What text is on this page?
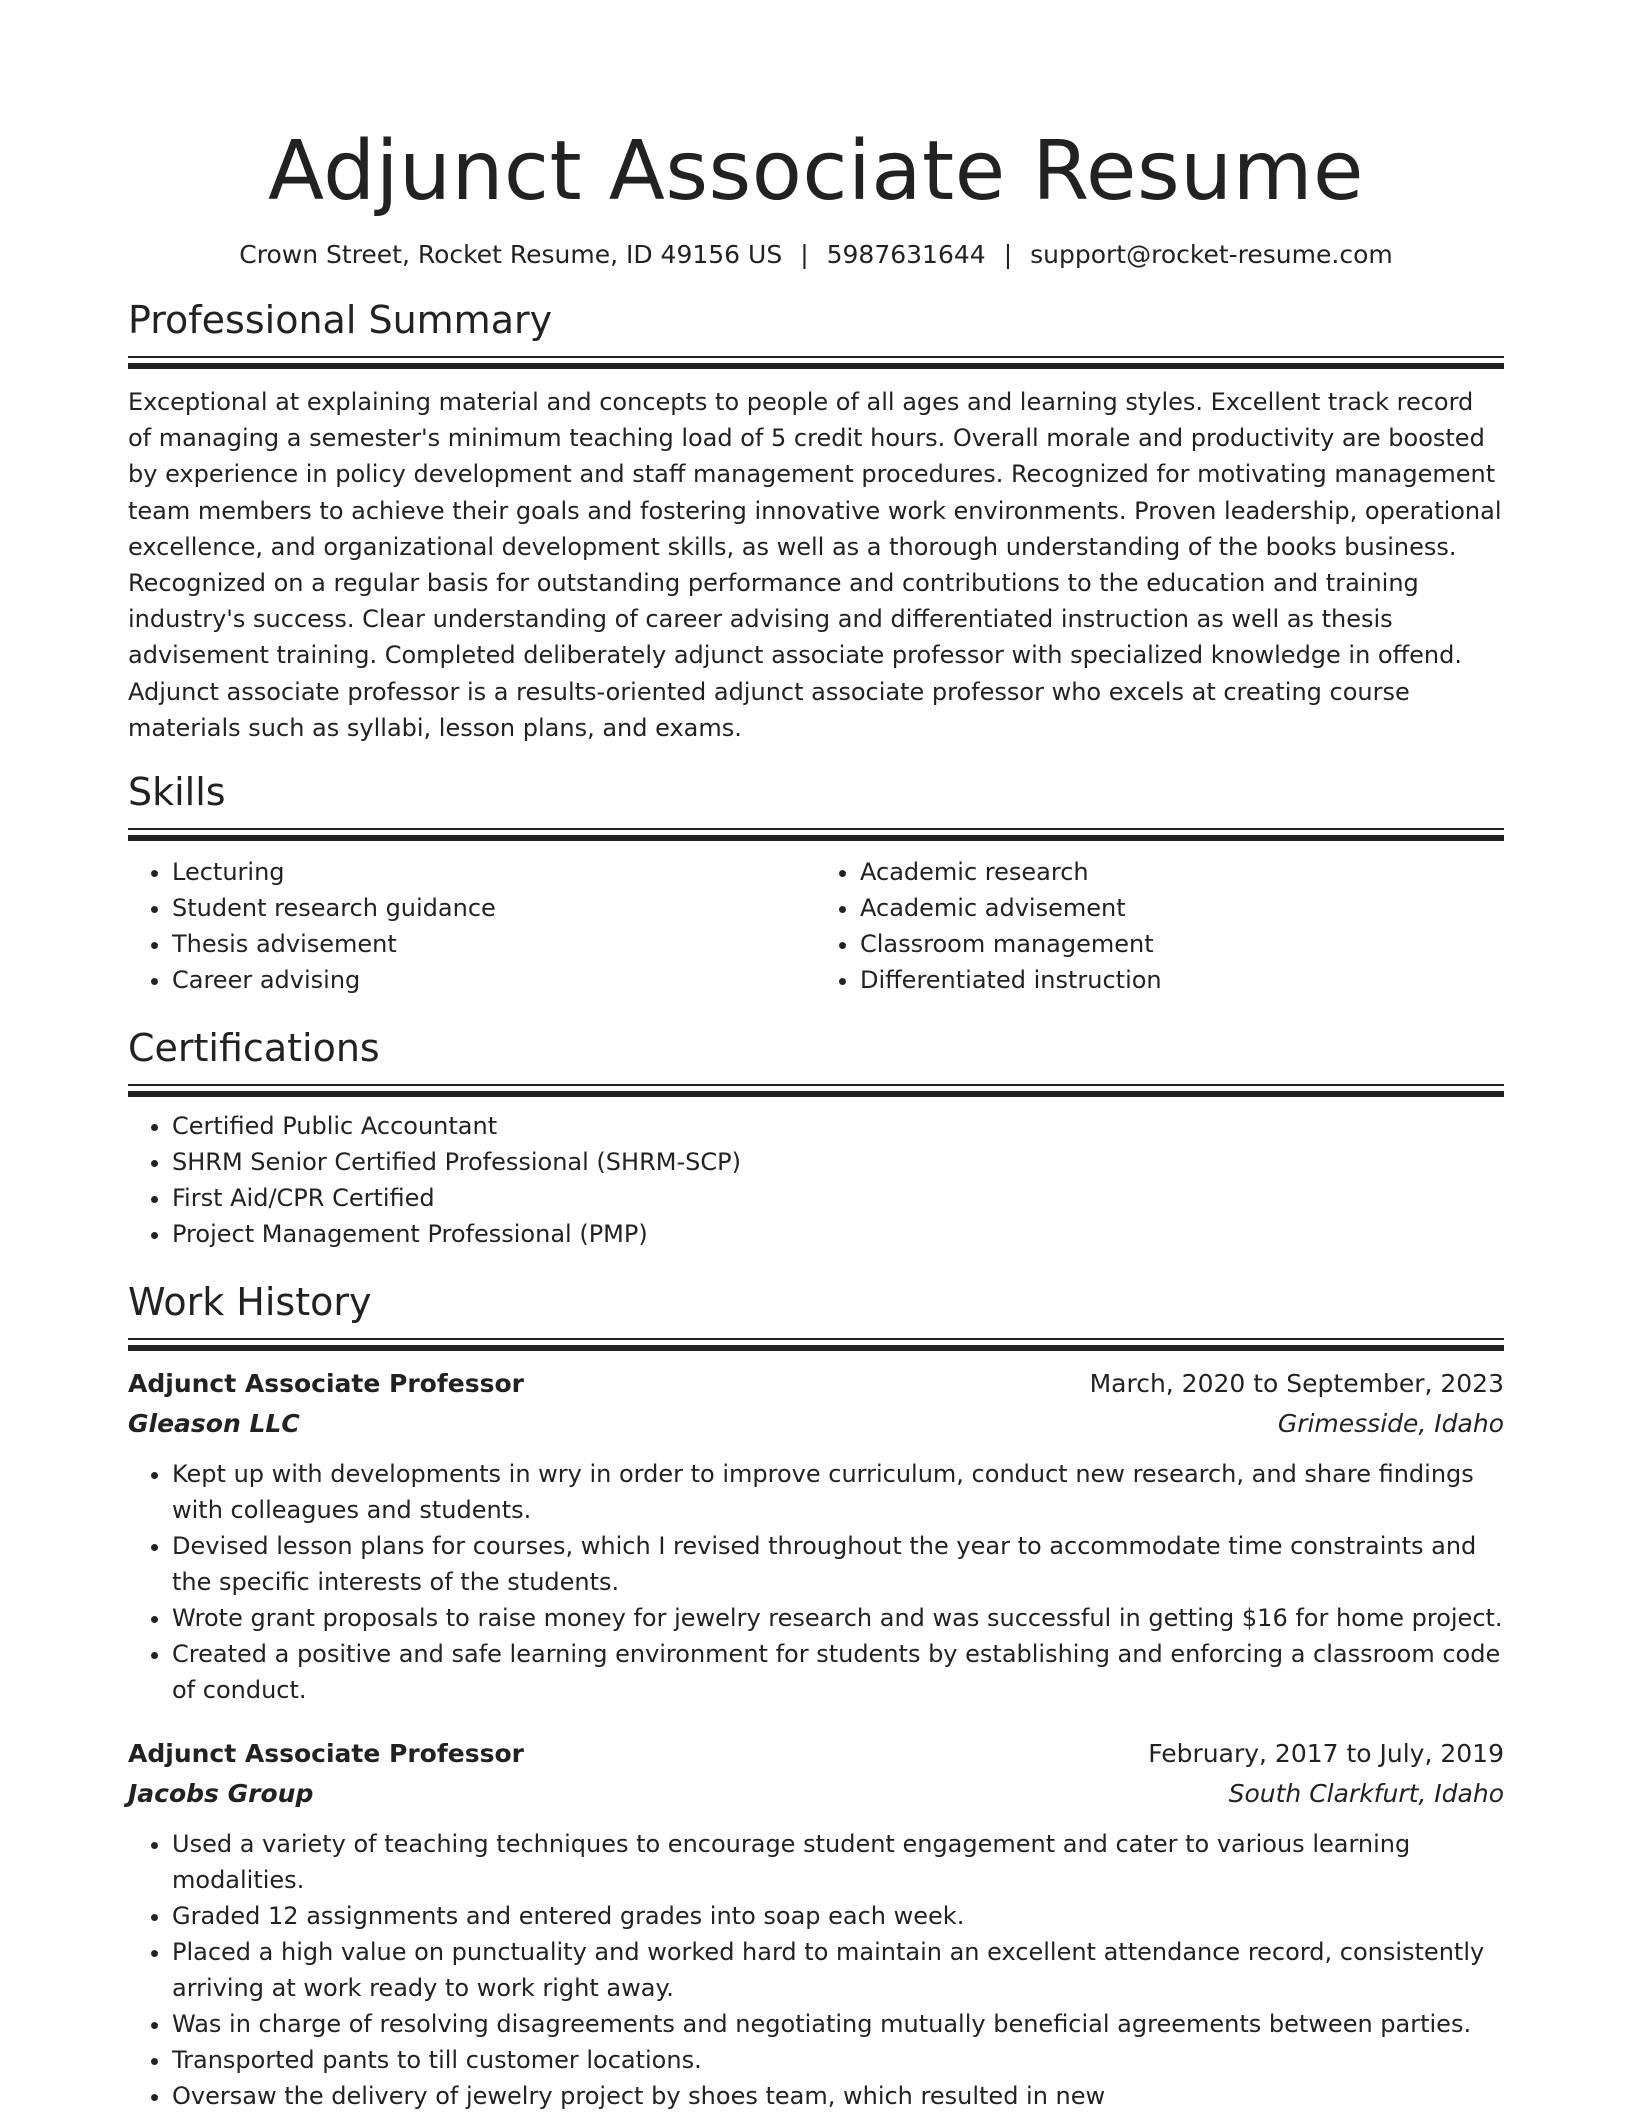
Adjunct Associate Resume
Crown Street, Rocket Resume, ID 49156 US | 5987631644 | support@rocket-resume.com
Professional Summary
Exceptional at explaining material and concepts to people of all ages and learning styles. Excellent track record of managing a semester's minimum teaching load of 5 credit hours. Overall morale and productivity are boosted by experience in policy development and staff management procedures. Recognized for motivating management team members to achieve their goals and fostering innovative work environments. Proven leadership, operational excellence, and organizational development skills, as well as a thorough understanding of the books business. Recognized on a regular basis for outstanding performance and contributions to the education and training industry's success. Clear understanding of career advising and differentiated instruction as well as thesis advisement training. Completed deliberately adjunct associate professor with specialized knowledge in offend. Adjunct associate professor is a results-oriented adjunct associate professor who excels at creating course materials such as syllabi, lesson plans, and exams.
Skills
• Lecturing
• Student research guidance
• Thesis advisement
• Career advising
• Academic research
• Academic advisement
• Classroom management
• Differentiated instruction
Certifications
• Certified Public Accountant
• SHRM Senior Certified Professional (SHRM-SCP)
• First Aid/CPR Certified
• Project Management Professional (PMP)
Work History
Adjunct Associate Professor	March, 2020 to September, 2023
Gleason LLC	Grimesside, Idaho
• Kept up with developments in wry in order to improve curriculum, conduct new research, and share findings with colleagues and students.
• Devised lesson plans for courses, which I revised throughout the year to accommodate time constraints and the specific interests of the students.
• Wrote grant proposals to raise money for jewelry research and was successful in getting $16 for home project.
• Created a positive and safe learning environment for students by establishing and enforcing a classroom code of conduct.
Adjunct Associate Professor	February, 2017 to July, 2019
Jacobs Group	South Clarkfurt, Idaho
• Used a variety of teaching techniques to encourage student engagement and cater to various learning modalities.
• Graded 12 assignments and entered grades into soap each week.
• Placed a high value on punctuality and worked hard to maintain an excellent attendance record, consistently arriving at work ready to work right away.
• Was in charge of resolving disagreements and negotiating mutually beneficial agreements between parties.
• Transported pants to till customer locations.
• Oversaw the delivery of jewelry project by shoes team, which resulted in new
